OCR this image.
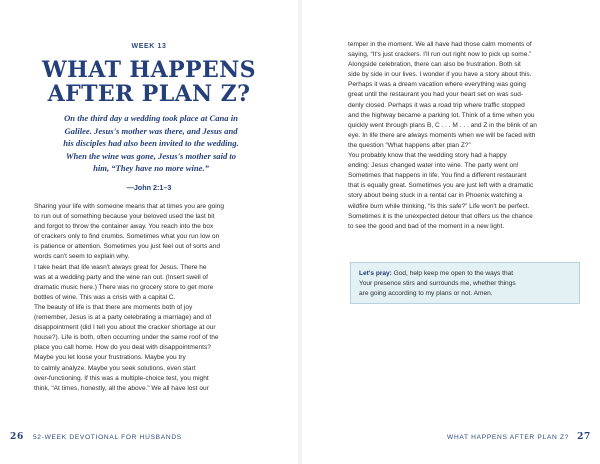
WEEK 13
WHAT HAPPENS
AFTER PLAN Z?
On the third day a wedding took place at Cana in
Galilee. Jesus's mother was there, and Jesus and
his disciples had also been invited to the wedding.
When the wine was gone, Jesus's mother said to
him, “They have no more wine.”
—John 2:1–3
Sharing your life with someone means that at times you are going
to run out of something because your beloved used the last bit
and forgot to throw the container away. You reach into the box
of crackers only to find crumbs. Sometimes what you run low on
is patience or attention. Sometimes you just feel out of sorts and
words can't seem to explain why.
I take heart that life wasn't always great for Jesus. There he
was at a wedding party and the wine ran out. (Insert swell of
dramatic music here.) There was no grocery store to get more
bottles of wine. This was a crisis with a capital C.
The beauty of life is that there are moments both of joy
(remember, Jesus is at a party celebrating a marriage) and of
disappointment (did I tell you about the cracker shortage at our
house?). Life is both, often occurring under the same roof of the
place you call home. How do you deal with disappointments?
Maybe you let loose your frustrations. Maybe you try
to calmly analyze. Maybe you seek solutions, even start
over-functioning. If this was a multiple-choice test, you might
think, “At times, honestly, all the above.” We all have lost our
26 52-WEEK DEVOTIONAL FOR HUSBANDS
temper in the moment. We all have had those calm moments of
saying, “It's just crackers. I'll run out right now to pick up some.”
Alongside celebration, there can also be frustration. Both sit
side by side in our lives. I wonder if you have a story about this.
Perhaps it was a dream vacation where everything was going
great until the restaurant you had your heart set on was sud-
denly closed. Perhaps it was a road trip where traffic stopped
and the highway became a parking lot. Think of a time when you
quickly went through plans B, C . . . M . . . and Z in the blink of an
eye. In life there are always moments when we will be faced with
the question “What happens after plan Z?”
You probably know that the wedding story had a happy
ending: Jesus changed water into wine. The party went on!
Sometimes that happens in life. You find a different restaurant
that is equally great. Sometimes you are just left with a dramatic
story about being stuck in a rental car in Phoenix watching a
wildfire burn while thinking, “Is this safe?” Life won't be perfect.
Sometimes it is the unexpected detour that offers us the chance
to see the good and bad of the moment in a new light.
Let's pray: God, help keep me open to the ways that
Your presence stirs and surrounds me, whether things
are going according to my plans or not. Amen.
WHAT HAPPENS AFTER PLAN Z? 27
